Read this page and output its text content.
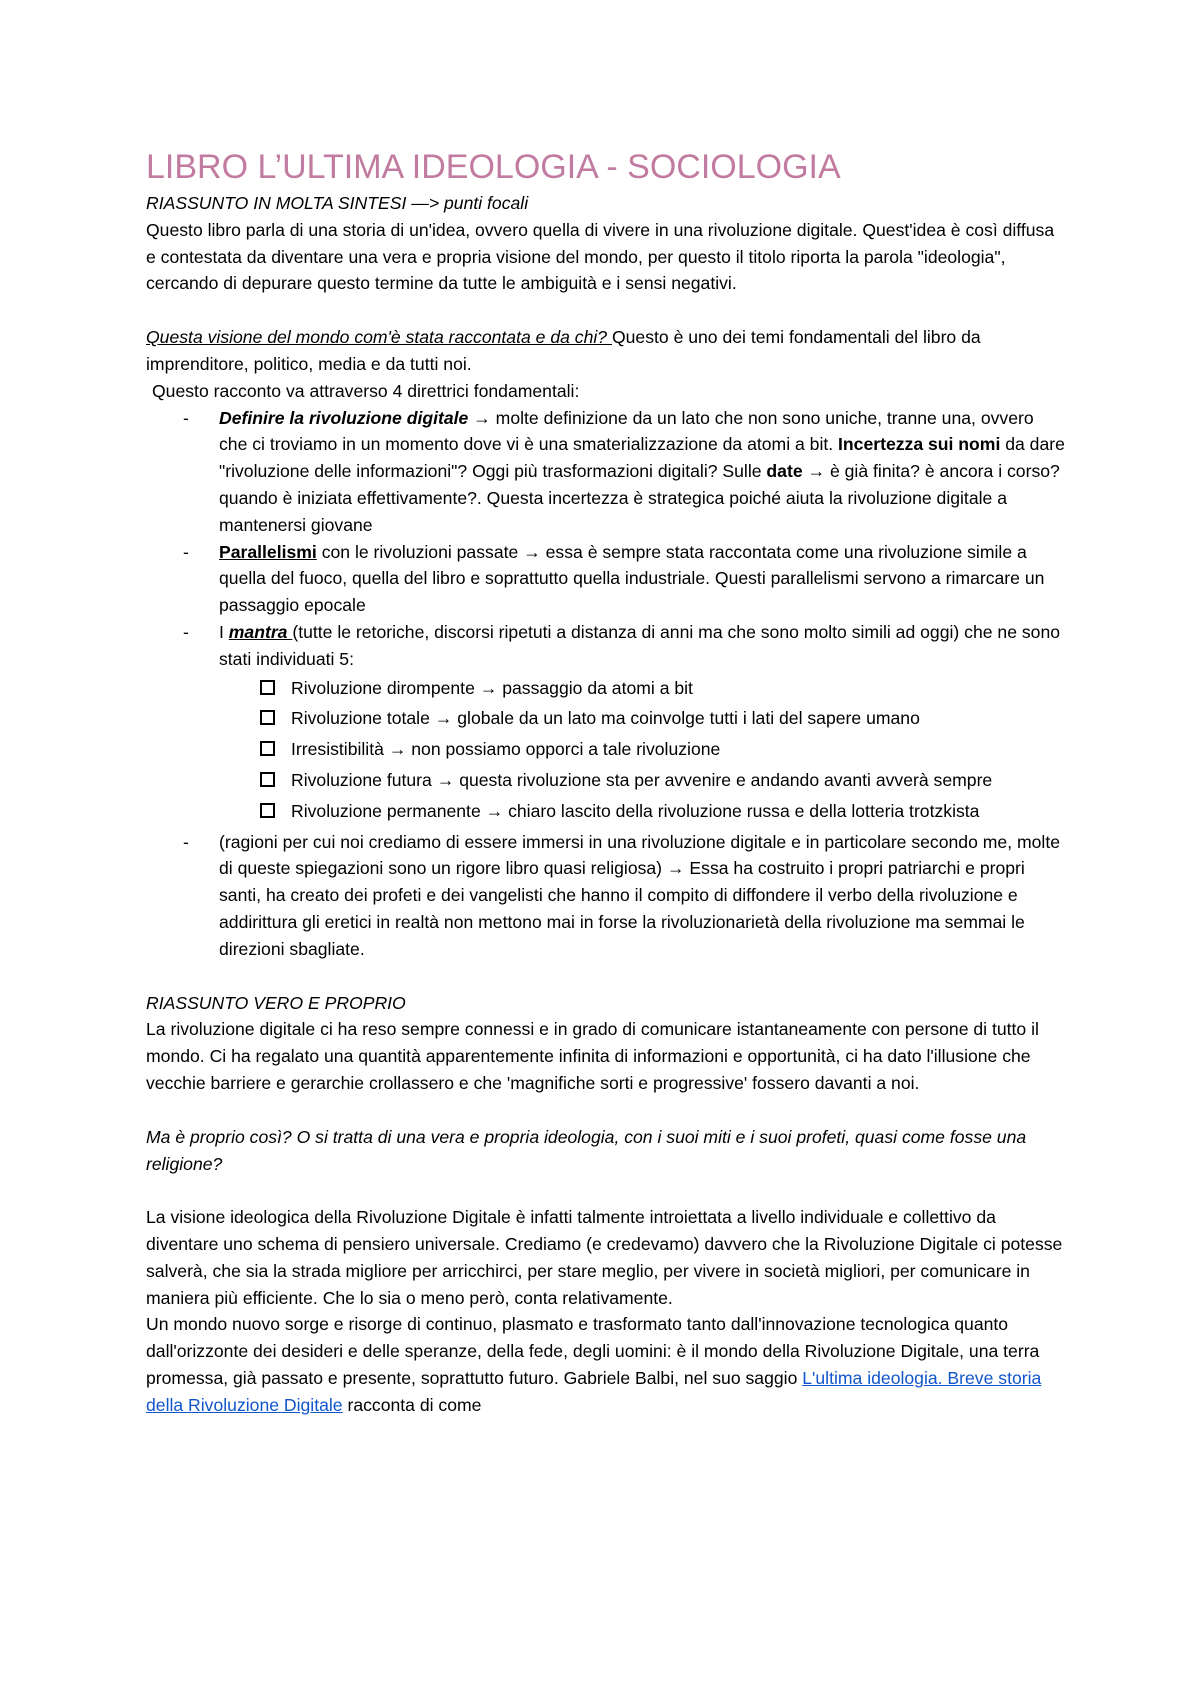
LIBRO L’ULTIMA IDEOLOGIA - SOCIOLOGIA

RIASSUNTO IN MOLTA SINTESI —> punti focali

Questo libro parla di una storia di un'idea, ovvero quella di vivere in una rivoluzione digitale. Quest'idea è così diffusa e contestata da diventare una vera e propria visione del mondo, per questo il titolo riporta la parola "ideologia", cercando di depurare questo termine da tutte le ambiguità e i sensi negativi.

Questa visione del mondo com'è stata raccontata e da chi? Questo è uno dei temi fondamentali del libro da imprenditore, politico, media e da tutti noi.

Questo racconto va attraverso 4 direttrici fondamentali:

- Definire la rivoluzione digitale → molte definizione da un lato che non sono uniche, tranne una, ovvero che ci troviamo in un momento dove vi è una smaterializzazione da atomi a bit. Incertezza sui nomi da dare "rivoluzione delle informazioni"? Oggi più trasformazioni digitali? Sulle date → è già finita? è ancora i corso? quando è iniziata effettivamente?. Questa incertezza è strategica poiché aiuta la rivoluzione digitale a mantenersi giovane
- Parallelismi con le rivoluzioni passate → essa è sempre stata raccontata come una rivoluzione simile a quella del fuoco, quella del libro e soprattutto quella industriale. Questi parallelismi servono a rimarcare un passaggio epocale
- I mantra (tutte le retoriche, discorsi ripetuti a distanza di anni ma che sono molto simili ad oggi) che ne sono stati individuati 5:
Rivoluzione dirompente → passaggio da atomi a bit
Rivoluzione totale → globale da un lato ma coinvolge tutti i lati del sapere umano
Irresistibilità → non possiamo opporci a tale rivoluzione
Rivoluzione futura → questa rivoluzione sta per avvenire e andando avanti avverà sempre
Rivoluzione permanente → chiaro lascito della rivoluzione russa e della lotteria trotzkista
- (ragioni per cui noi crediamo di essere immersi in una rivoluzione digitale e in particolare secondo me, molte di queste spiegazioni sono un rigore libro quasi religiosa) → Essa ha costruito i propri patriarchi e propri santi, ha creato dei profeti e dei vangelisti che hanno il compito di diffondere il verbo della rivoluzione e addirittura gli eretici in realtà non mettono mai in forse la rivoluzionarietà della rivoluzione ma semmai le direzioni sbagliate.

RIASSUNTO VERO E PROPRIO

La rivoluzione digitale ci ha reso sempre connessi e in grado di comunicare istantaneamente con persone di tutto il mondo. Ci ha regalato una quantità apparentemente infinita di informazioni e opportunità, ci ha dato l'illusione che vecchie barriere e gerarchie crollassero e che 'magnifiche sorti e progressive' fossero davanti a noi.

Ma è proprio così? O si tratta di una vera e propria ideologia, con i suoi miti e i suoi profeti, quasi come fosse una religione?

La visione ideologica della Rivoluzione Digitale è infatti talmente introiettata a livello individuale e collettivo da diventare uno schema di pensiero universale. Crediamo (e credevamo) davvero che la Rivoluzione Digitale ci potesse salverà, che sia la strada migliore per arricchirci, per stare meglio, per vivere in società migliori, per comunicare in maniera più efficiente. Che lo sia o meno però, conta relativamente.

Un mondo nuovo sorge e risorge di continuo, plasmato e trasformato tanto dall'innovazione tecnologica quanto dall'orizzonte dei desideri e delle speranze, della fede, degli uomini: è il mondo della Rivoluzione Digitale, una terra promessa, già passato e presente, soprattutto futuro. Gabriele Balbi, nel suo saggio L'ultima ideologia. Breve storia della Rivoluzione Digitale racconta di come
